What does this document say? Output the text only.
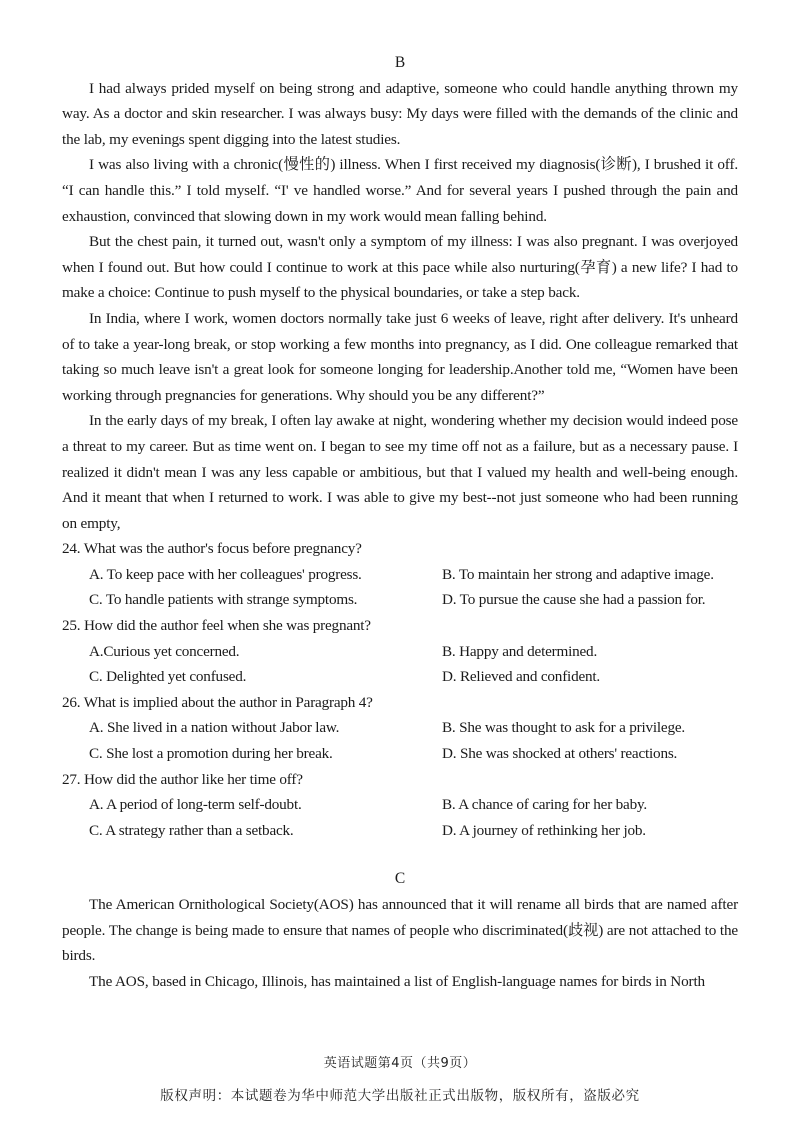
B

I had always prided myself on being strong and adaptive, someone who could handle anything thrown my way. As a doctor and skin researcher. I was always busy: My days were filled with the demands of the clinic and the lab, my evenings spent digging into the latest studies.

I was also living with a chronic(慢性的) illness. When I first received my diagnosis(诊断), I brushed it off. “I can handle this.” I told myself. “I' ve handled worse.” And for several years I pushed through the pain and exhaustion, convinced that slowing down in my work would mean falling behind.

But the chest pain, it turned out, wasn't only a symptom of my illness: I was also pregnant. I was overjoyed when I found out. But how could I continue to work at this pace while also nurturing(孕育) a new life? I had to make a choice: Continue to push myself to the physical boundaries, or take a step back.

In India, where I work, women doctors normally take just 6 weeks of leave, right after delivery. It's unheard of to take a year-long break, or stop working a few months into pregnancy, as I did. One colleague remarked that taking so much leave isn't a great look for someone longing for leadership.Another told me, “Women have been working through pregnancies for generations. Why should you be any different?”

In the early days of my break, I often lay awake at night, wondering whether my decision would indeed pose a threat to my career. But as time went on. I began to see my time off not as a failure, but as a necessary pause. I realized it didn't mean I was any less capable or ambitious, but that I valued my health and well-being enough. And it meant that when I returned to work. I was able to give my best--not just someone who had been running on empty,

24. What was the author's focus before pregnancy?

A. To keep pace with her colleagues' progress.	B. To maintain her strong and adaptive image.
C. To handle patients with strange symptoms.	D. To pursue the cause she had a passion for.

25. How did the author feel when she was pregnant?

A.Curious yet concerned.	B. Happy and determined.
C. Delighted yet confused.	D. Relieved and confident.

26. What is implied about the author in Paragraph 4?

A. She lived in a nation without Jabor law.	B. She was thought to ask for a privilege.
C. She lost a promotion during her break.	D. She was shocked at others' reactions.

27. How did the author like her time off?

A. A period of long-term self-doubt.	B. A chance of caring for her baby.
C. A strategy rather than a setback.	D. A journey of rethinking her job.
C

The American Ornithological Society(AOS) has announced that it will rename all birds that are named after people. The change is being made to ensure that names of people who discriminated(歧视) are not attached to the birds.

The AOS, based in Chicago, Illinois, has maintained a list of English-language names for birds in North

英语试题第4页（共9页）
版权声明：本试题卷为华中师范大学出版社正式出版物，版权所有，盗版必究
